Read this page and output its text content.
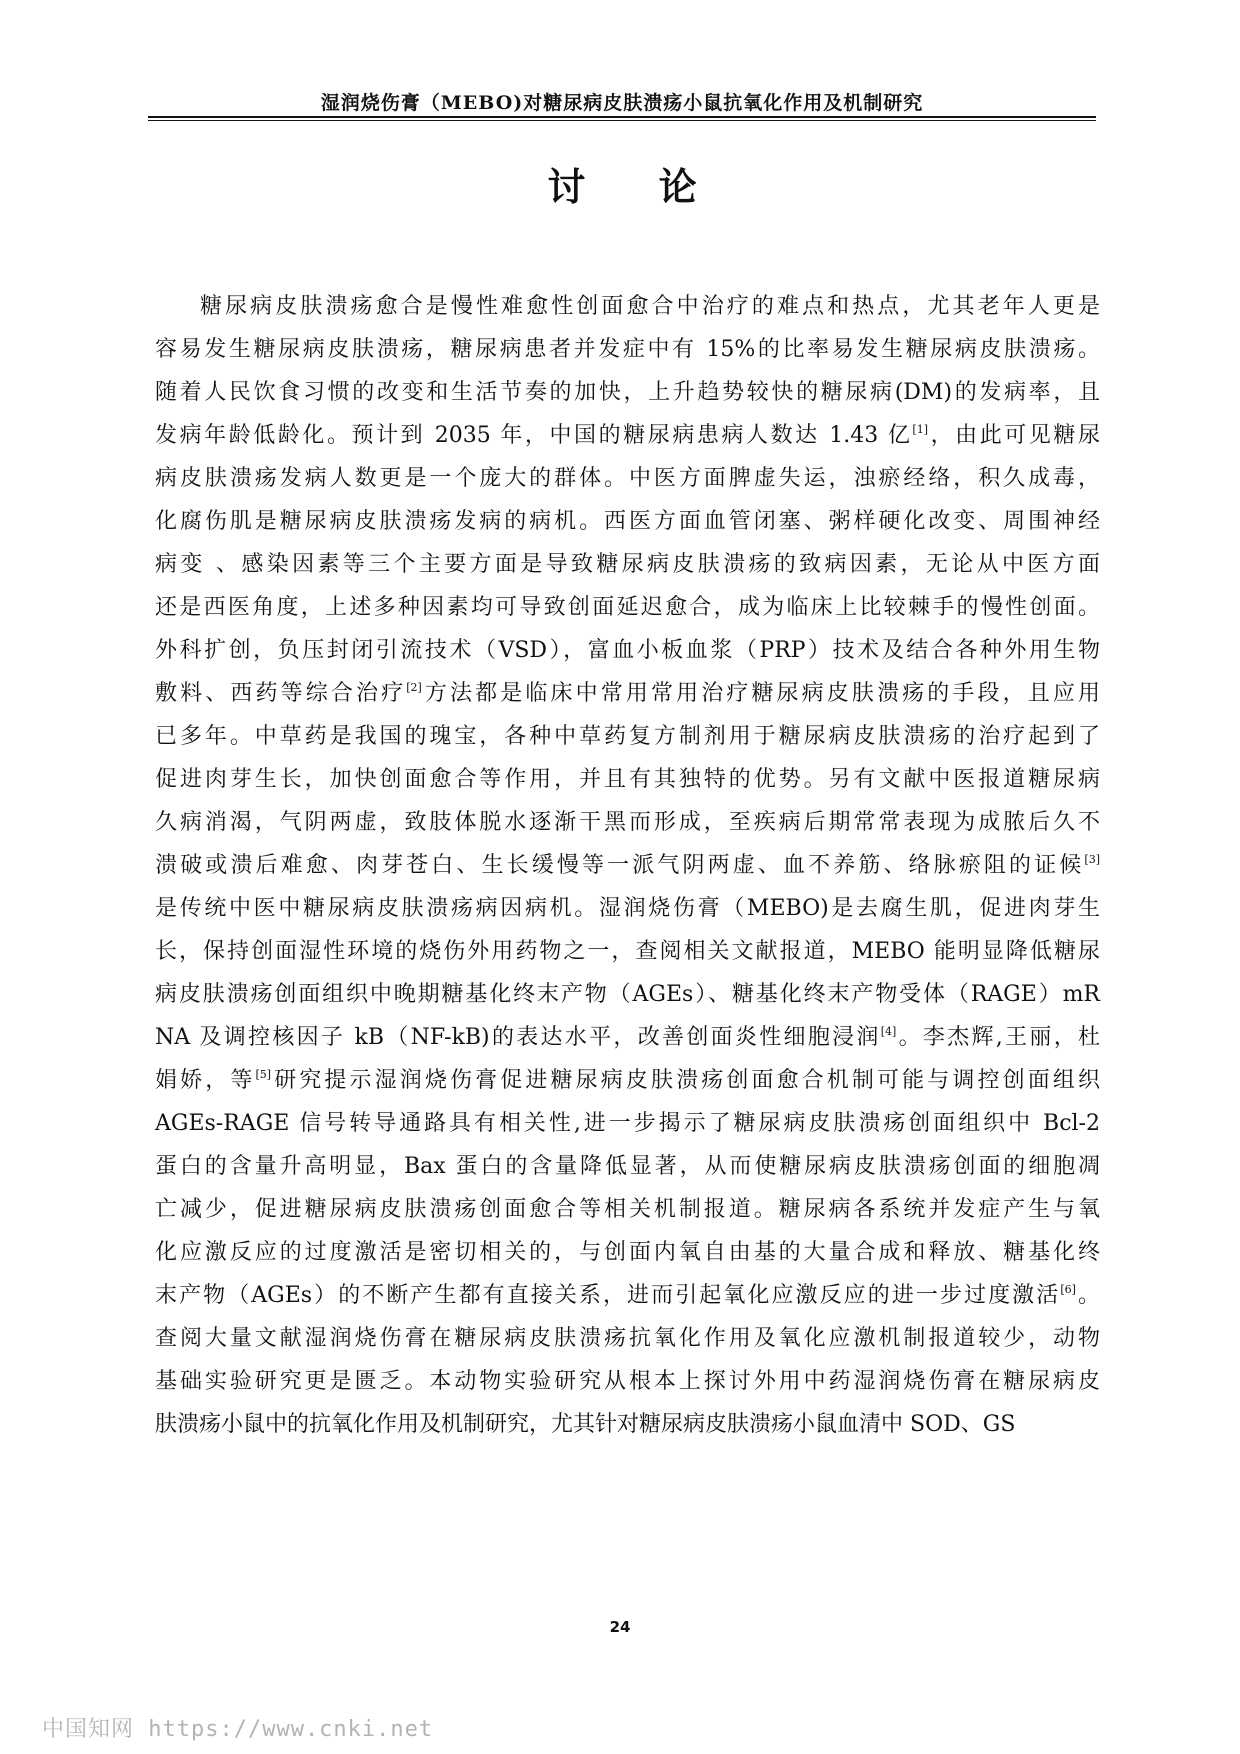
湿润烧伤膏（MEBO)对糖尿病皮肤溃疡小鼠抗氧化作用及机制研究
讨 论
糖尿病皮肤溃疡愈合是慢性难愈性创面愈合中治疗的难点和热点，尤其老年人更是
容易发生糖尿病皮肤溃疡，糖尿病患者并发症中有 15%的比率易发生糖尿病皮肤溃疡。
随着人民饮食习惯的改变和生活节奏的加快，上升趋势较快的糖尿病(DM)的发病率，且
发病年龄低龄化。预计到 2035 年，中国的糖尿病患病人数达 1.43 亿[1]，由此可见糖尿
病皮肤溃疡发病人数更是一个庞大的群体。中医方面脾虚失运，浊瘀经络，积久成毒，
化腐伤肌是糖尿病皮肤溃疡发病的病机。西医方面血管闭塞、粥样硬化改变、周围神经
病变 、感染因素等三个主要方面是导致糖尿病皮肤溃疡的致病因素，无论从中医方面
还是西医角度，上述多种因素均可导致创面延迟愈合，成为临床上比较棘手的慢性创面。
外科扩创，负压封闭引流技术（VSD），富血小板血浆（PRP）技术及结合各种外用生物
敷料、西药等综合治疗[2]方法都是临床中常用常用治疗糖尿病皮肤溃疡的手段，且应用
已多年。中草药是我国的瑰宝，各种中草药复方制剂用于糖尿病皮肤溃疡的治疗起到了
促进肉芽生长，加快创面愈合等作用，并且有其独特的优势。另有文献中医报道糖尿病
久病消渴，气阴两虚，致肢体脱水逐渐干黑而形成，至疾病后期常常表现为成脓后久不
溃破或溃后难愈、肉芽苍白、生长缓慢等一派气阴两虚、血不养筋、络脉瘀阻的证候[3]
是传统中医中糖尿病皮肤溃疡病因病机。湿润烧伤膏（MEBO)是去腐生肌，促进肉芽生
长，保持创面湿性环境的烧伤外用药物之一，查阅相关文献报道，MEBO 能明显降低糖尿
病皮肤溃疡创面组织中晚期糖基化终末产物（AGEs）、糖基化终末产物受体（RAGE）mR
NA 及调控核因子 kB（NF-kB)的表达水平，改善创面炎性细胞浸润[4]。李杰辉,王丽，杜
娟娇，等[5]研究提示湿润烧伤膏促进糖尿病皮肤溃疡创面愈合机制可能与调控创面组织
AGEs-RAGE 信号转导通路具有相关性,进一步揭示了糖尿病皮肤溃疡创面组织中 Bcl-2
蛋白的含量升高明显，Bax 蛋白的含量降低显著，从而使糖尿病皮肤溃疡创面的细胞凋
亡减少，促进糖尿病皮肤溃疡创面愈合等相关机制报道。糖尿病各系统并发症产生与氧
化应激反应的过度激活是密切相关的，与创面内氧自由基的大量合成和释放、糖基化终
末产物（AGEs）的不断产生都有直接关系，进而引起氧化应激反应的进一步过度激活[6]。
查阅大量文献湿润烧伤膏在糖尿病皮肤溃疡抗氧化作用及氧化应激机制报道较少，动物
基础实验研究更是匮乏。本动物实验研究从根本上探讨外用中药湿润烧伤膏在糖尿病皮
肤溃疡小鼠中的抗氧化作用及机制研究，尤其针对糖尿病皮肤溃疡小鼠血清中 SOD、GS
24
中国知网 https://www.cnki.net
